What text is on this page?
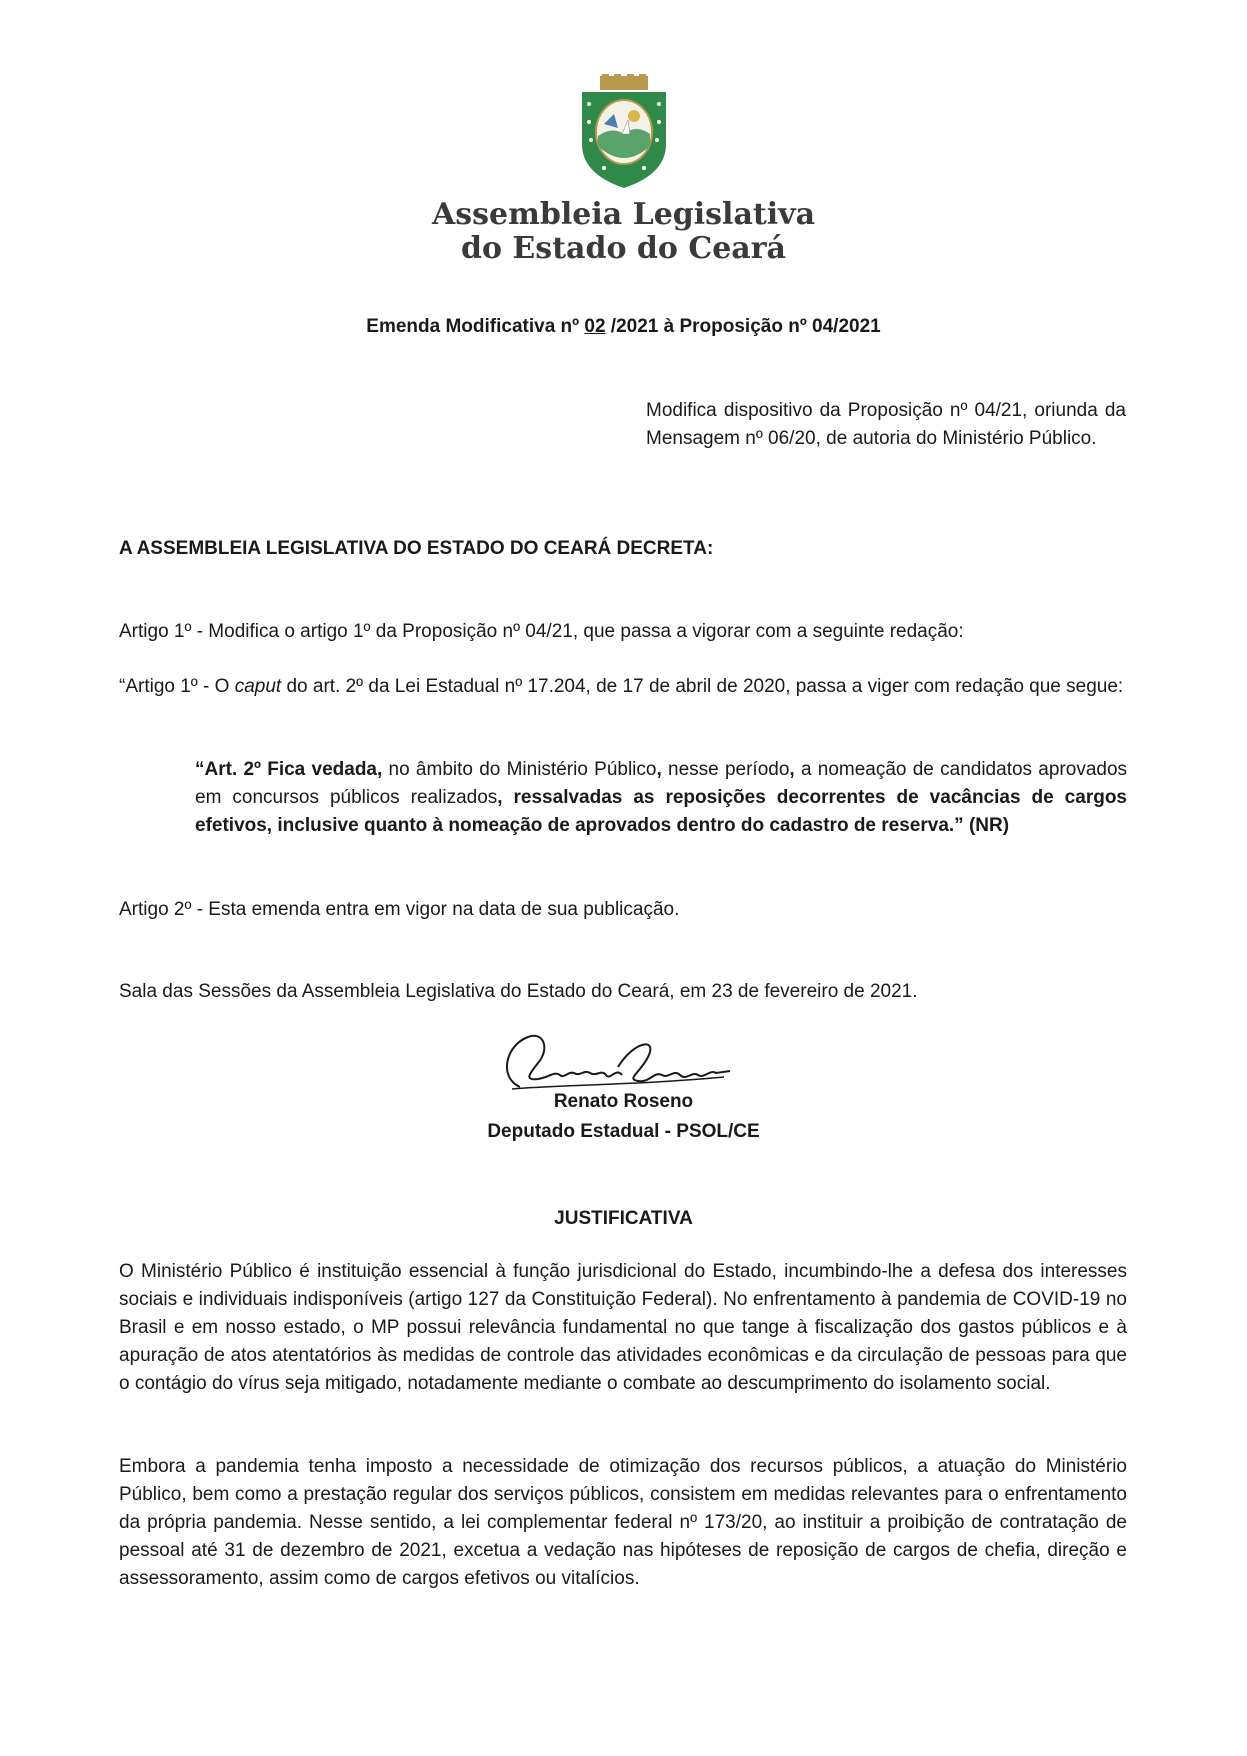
Assembleia Legislativa
do Estado do Ceará
Emenda Modificativa nº 02 /2021 à Proposição nº 04/2021
Modifica dispositivo da Proposição nº 04/21, oriunda da Mensagem nº 06/20, de autoria do Ministério Público.
A ASSEMBLEIA LEGISLATIVA DO ESTADO DO CEARÁ DECRETA:
Artigo 1º - Modifica o artigo 1º da Proposição nº 04/21, que passa a vigorar com a seguinte redação:
“Artigo 1º - O caput do art. 2º da Lei Estadual nº 17.204, de 17 de abril de 2020, passa a viger com redação que segue:
“Art. 2º Fica vedada, no âmbito do Ministério Público, nesse período, a nomeação de candidatos aprovados em concursos públicos realizados, ressalvadas as reposições decorrentes de vacâncias de cargos efetivos, inclusive quanto à nomeação de aprovados dentro do cadastro de reserva.” (NR)
Artigo 2º - Esta emenda entra em vigor na data de sua publicação.
Sala das Sessões da Assembleia Legislativa do Estado do Ceará, em 23 de fevereiro de 2021.
Renato Roseno
Deputado Estadual - PSOL/CE
JUSTIFICATIVA
O Ministério Público é instituição essencial à função jurisdicional do Estado, incumbindo-lhe a defesa dos interesses sociais e individuais indisponíveis (artigo 127 da Constituição Federal). No enfrentamento à pandemia de COVID-19 no Brasil e em nosso estado, o MP possui relevância fundamental no que tange à fiscalização dos gastos públicos e à apuração de atos atentatórios às medidas de controle das atividades econômicas e da circulação de pessoas para que o contágio do vírus seja mitigado, notadamente mediante o combate ao descumprimento do isolamento social.
Embora a pandemia tenha imposto a necessidade de otimização dos recursos públicos, a atuação do Ministério Público, bem como a prestação regular dos serviços públicos, consistem em medidas relevantes para o enfrentamento da própria pandemia. Nesse sentido, a lei complementar federal nº 173/20, ao instituir a proibição de contratação de pessoal até 31 de dezembro de 2021, excetua a vedação nas hipóteses de reposição de cargos de chefia, direção e assessoramento, assim como de cargos efetivos ou vitalícios.
